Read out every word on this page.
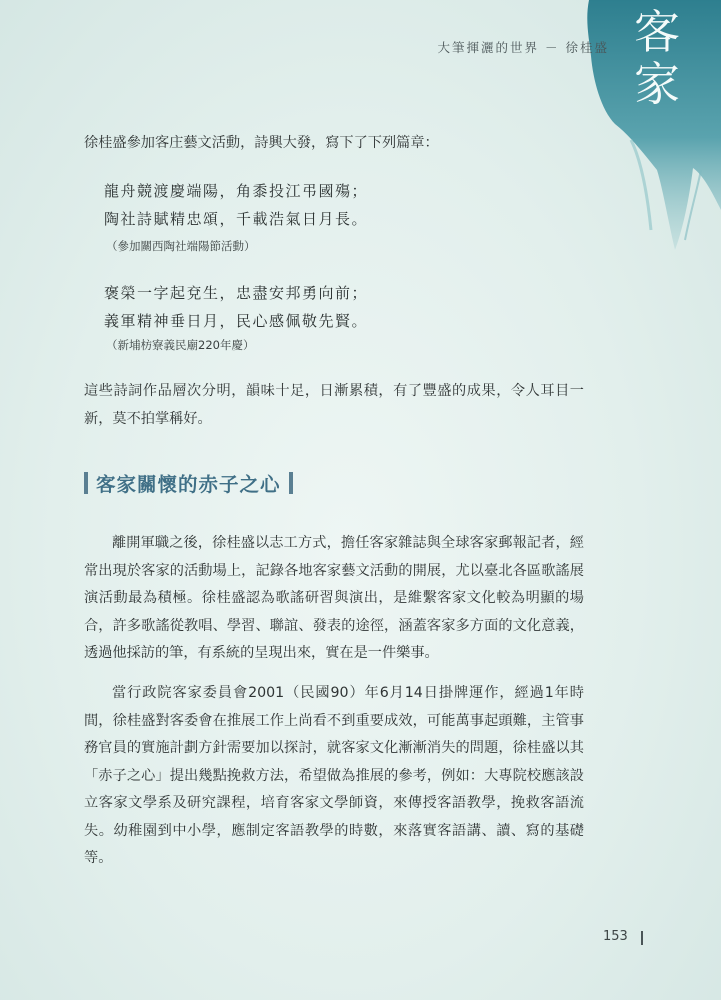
客家
大筆揮灑的世界 － 徐桂盛

徐桂盛參加客庄藝文活動，詩興大發，寫下了下列篇章：

龍舟競渡慶端陽，角黍投江弔國殤；
陶社詩賦精忠頌，千載浩氣日月長。
（參加關西陶社端陽節活動）
褒榮一字起兗生，忠盡安邦勇向前；
義軍精神垂日月，民心感佩敬先賢。
（新埔枋寮義民廟220年慶）

這些詩詞作品層次分明，韻味十足，日漸累積，有了豐盛的成果，令人耳目一新，莫不拍掌稱好。

客家關懷的赤子之心

離開軍職之後，徐桂盛以志工方式，擔任客家雜誌與全球客家郵報記者，經常出現於客家的活動場上，記錄各地客家藝文活動的開展，尤以臺北各區歌謠展演活動最為積極。徐桂盛認為歌謠研習與演出，是維繫客家文化較為明顯的場合，許多歌謠從教唱、學習、聯誼、發表的途徑，涵蓋客家多方面的文化意義，透過他採訪的筆，有系統的呈現出來，實在是一件樂事。

當行政院客家委員會2001（民國90）年6月14日掛牌運作，經過1年時間，徐桂盛對客委會在推展工作上尚看不到重要成效，可能萬事起頭難，主管事務官員的實施計劃方針需要加以探討，就客家文化漸漸消失的問題，徐桂盛以其「赤子之心」提出幾點挽救方法，希望做為推展的參考，例如：大專院校應該設立客家文學系及研究課程，培育客家文學師資，來傳授客語教學，挽救客語流失。幼稚園到中小學，應制定客語教學的時數，來落實客語講、讀、寫的基礎等。

153
